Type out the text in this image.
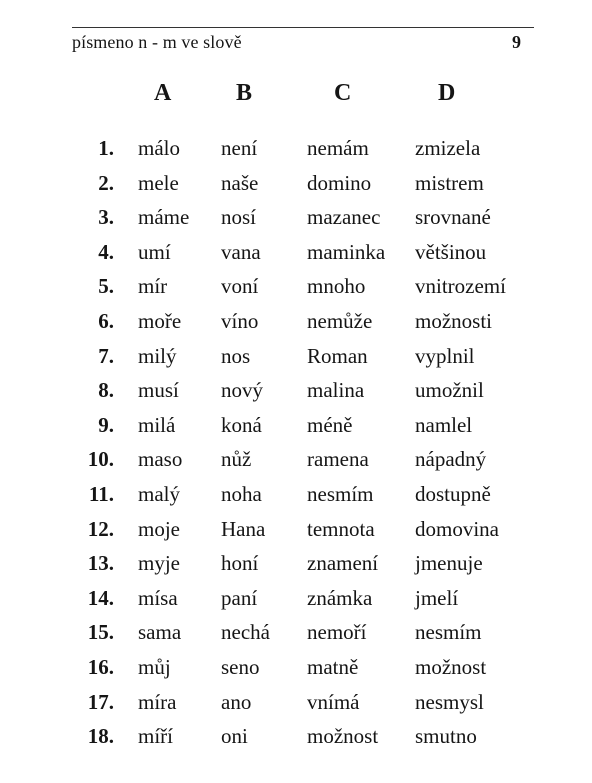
písmeno n - m ve slově	9
A	B	C	D
1. málo není nemám zmizela
2. mele naše domino mistrem
3. máme nosí mazanec srovnané
4. umí vana maminka většinou
5. mír	voní mnoho vnitrozemí
6. moře víno nemůže možnosti
7. milý nos	Roman vyplnil
8. musí nový malina umožnil
9. milá koná méně	namlel
10. maso nůž	ramena nápadný
11. malý noha nesmím dostupně
12. moje Hana temnota domovina
13. myje honí znamení jmenuje
14. mísa paní známka jmelí
15. sama nechá nemoří nesmím
16. můj seno matně	možnost
17. míra ano	vnímá	nesmysl
18. míří oni	možnost smutno
